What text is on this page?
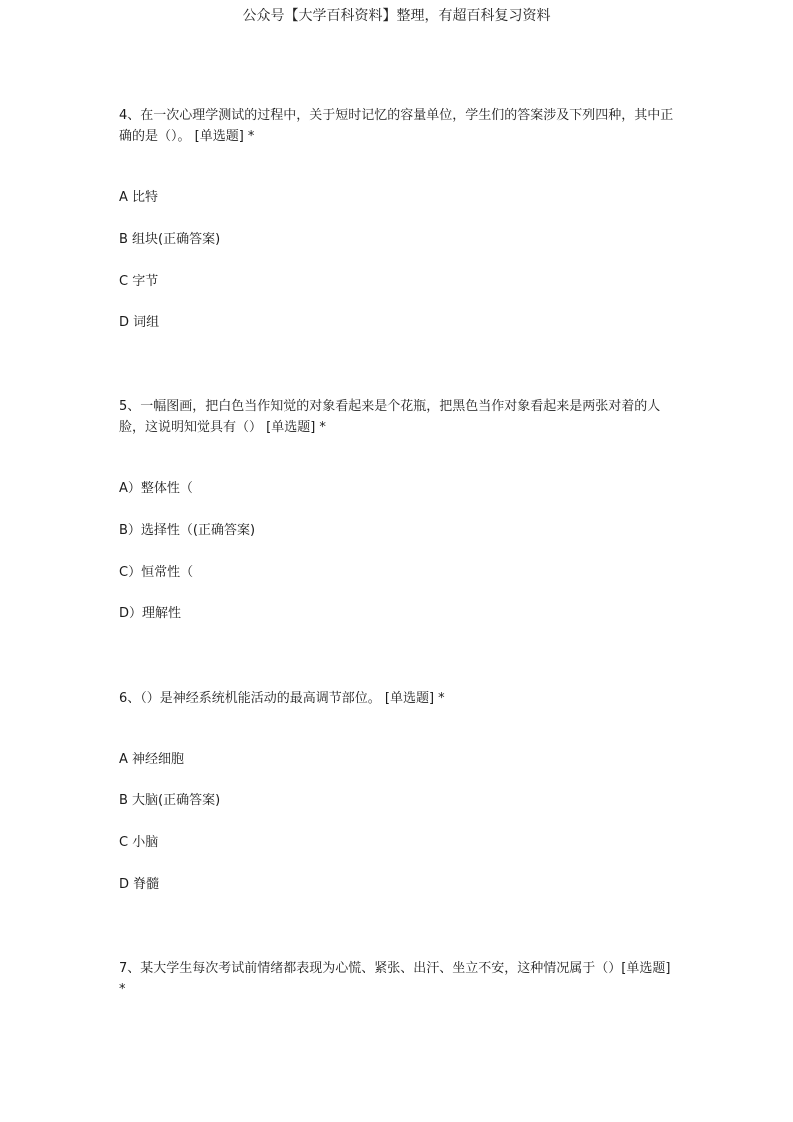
公众号【大学百科资料】整理，有超百科复习资料
4、在一次心理学测试的过程中，关于短时记忆的容量单位，学生们的答案涉及下列四种，其中正确的是（）。 [单选题] *
A 比特
B 组块(正确答案)
C 字节
D 词组
5、一幅图画，把白色当作知觉的对象看起来是个花瓶，把黑色当作对象看起来是两张对着的人脸，这说明知觉具有（） [单选题] *
A）整体性（
B）选择性（(正确答案)
C）恒常性（
D）理解性
6、（）是神经系统机能活动的最高调节部位。 [单选题] *
A 神经细胞
B 大脑(正确答案)
C 小脑
D 脊髓
7、某大学生每次考试前情绪都表现为心慌、紧张、出汗、坐立不安，这种情况属于（）[单选题] *
